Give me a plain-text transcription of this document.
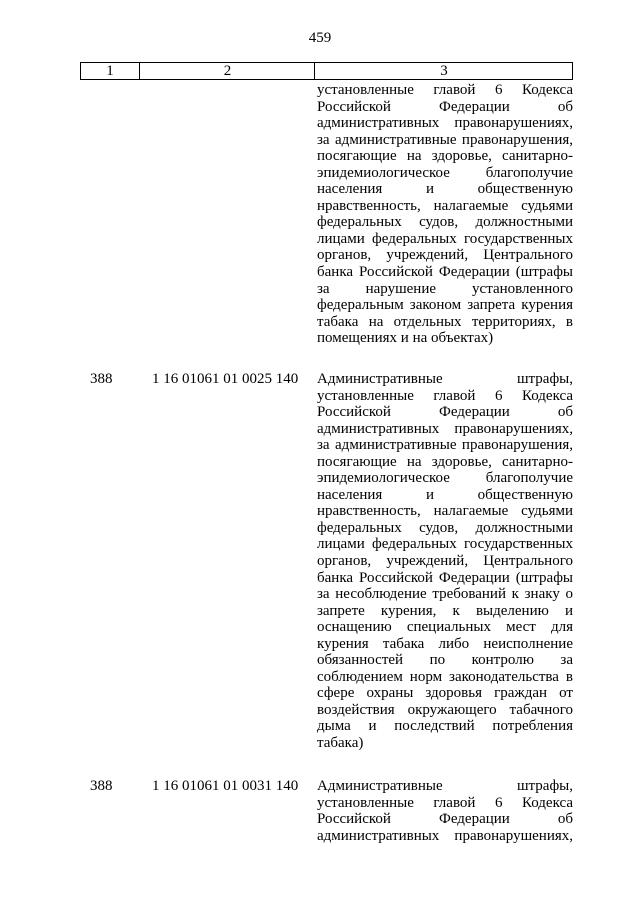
459
1	2	3
установленные главой 6 Кодекса
Российской Федерации об
административных правонарушениях,
за административные правонарушения,
посягающие на здоровье, санитарно-
эпидемиологическое благополучие
населения и общественную
нравственность, налагаемые судьями
федеральных судов, должностными
лицами федеральных государственных
органов, учреждений, Центрального
банка Российской Федерации (штрафы
за нарушение установленного
федеральным законом запрета курения
табака на отдельных территориях, в
помещениях и на объектах)
388	1 16 01061 01 0025 140	Административные штрафы,
установленные главой 6 Кодекса
Российской Федерации об
административных правонарушениях,
за административные правонарушения,
посягающие на здоровье, санитарно-
эпидемиологическое благополучие
населения и общественную
нравственность, налагаемые судьями
федеральных судов, должностными
лицами федеральных государственных
органов, учреждений, Центрального
банка Российской Федерации (штрафы
за несоблюдение требований к знаку о
запрете курения, к выделению и
оснащению специальных мест для
курения табака либо неисполнение
обязанностей по контролю за
соблюдением норм законодательства в
сфере охраны здоровья граждан от
воздействия окружающего табачного
дыма и последствий потребления
табака)
388	1 16 01061 01 0031 140	Административные штрафы,
установленные главой 6 Кодекса
Российской Федерации об
административных правонарушениях,
